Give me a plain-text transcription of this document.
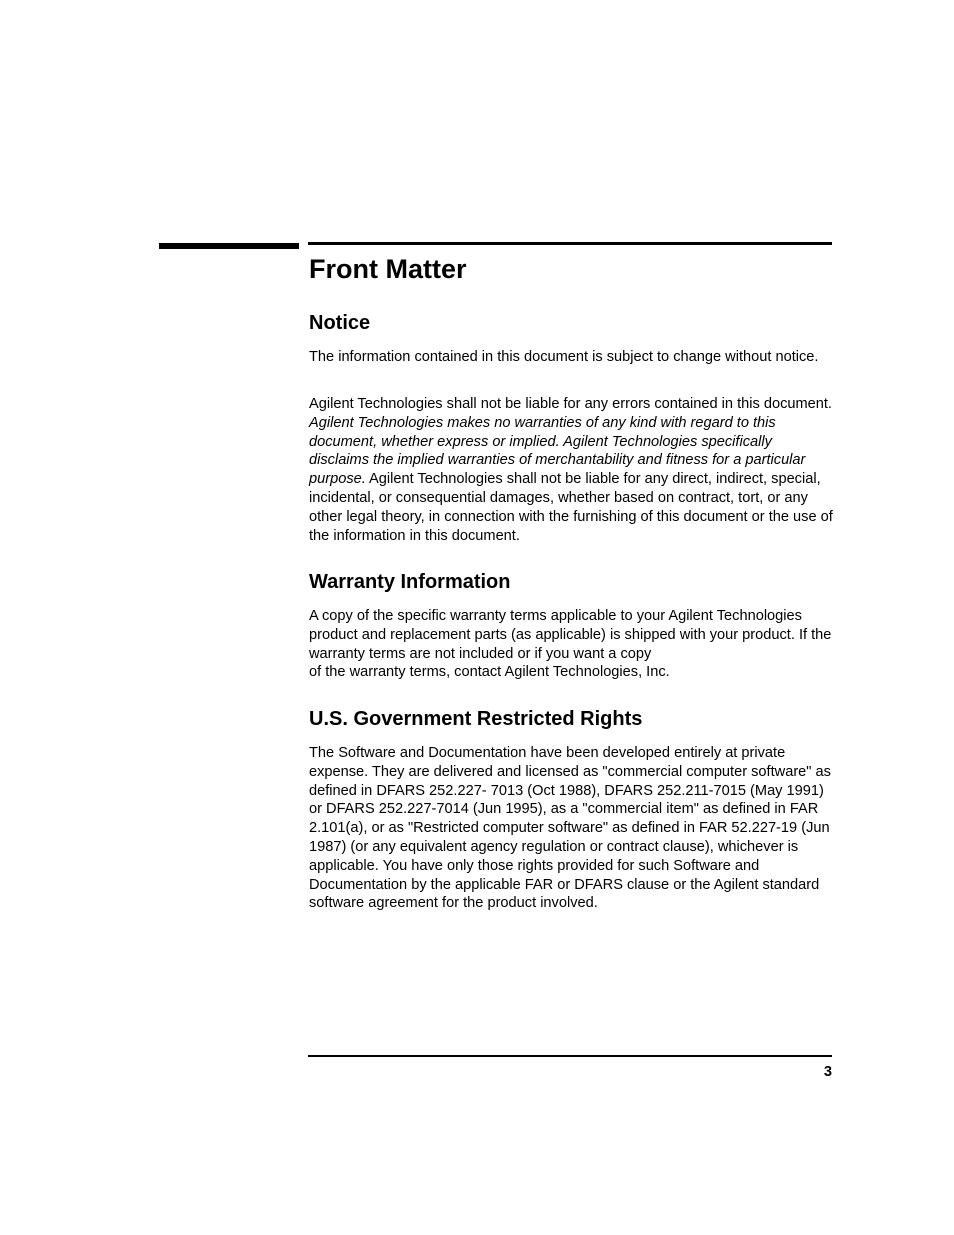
Front Matter
Notice

The information contained in this document is subject to change without notice.

Agilent Technologies shall not be liable for any errors contained in this document. Agilent Technologies makes no warranties of any kind with regard to this document, whether express or implied. Agilent Technologies specifically disclaims the implied warranties of merchantability and fitness for a particular purpose. Agilent Technologies shall not be liable for any direct, indirect, special, incidental, or consequential damages, whether based on contract, tort, or any other legal theory, in connection with the furnishing of this document or the use of the information in this document.

Warranty Information

A copy of the specific warranty terms applicable to your Agilent Technologies product and replacement parts (as applicable) is shipped with your product. If the warranty terms are not included or if you want a copy
of the warranty terms, contact Agilent Technologies, Inc.

U.S. Government Restricted Rights

The Software and Documentation have been developed entirely at private expense. They are delivered and licensed as "commercial computer software" as defined in DFARS 252.227- 7013 (Oct 1988), DFARS 252.211-7015 (May 1991) or DFARS 252.227-7014 (Jun 1995), as a "commercial item" as defined in FAR 2.101(a), or as "Restricted computer software" as defined in FAR 52.227-19 (Jun 1987) (or any equivalent agency regulation or contract clause), whichever is applicable. You have only those rights provided for such Software and Documentation by the applicable FAR or DFARS clause or the Agilent standard software agreement for the product involved.

3
